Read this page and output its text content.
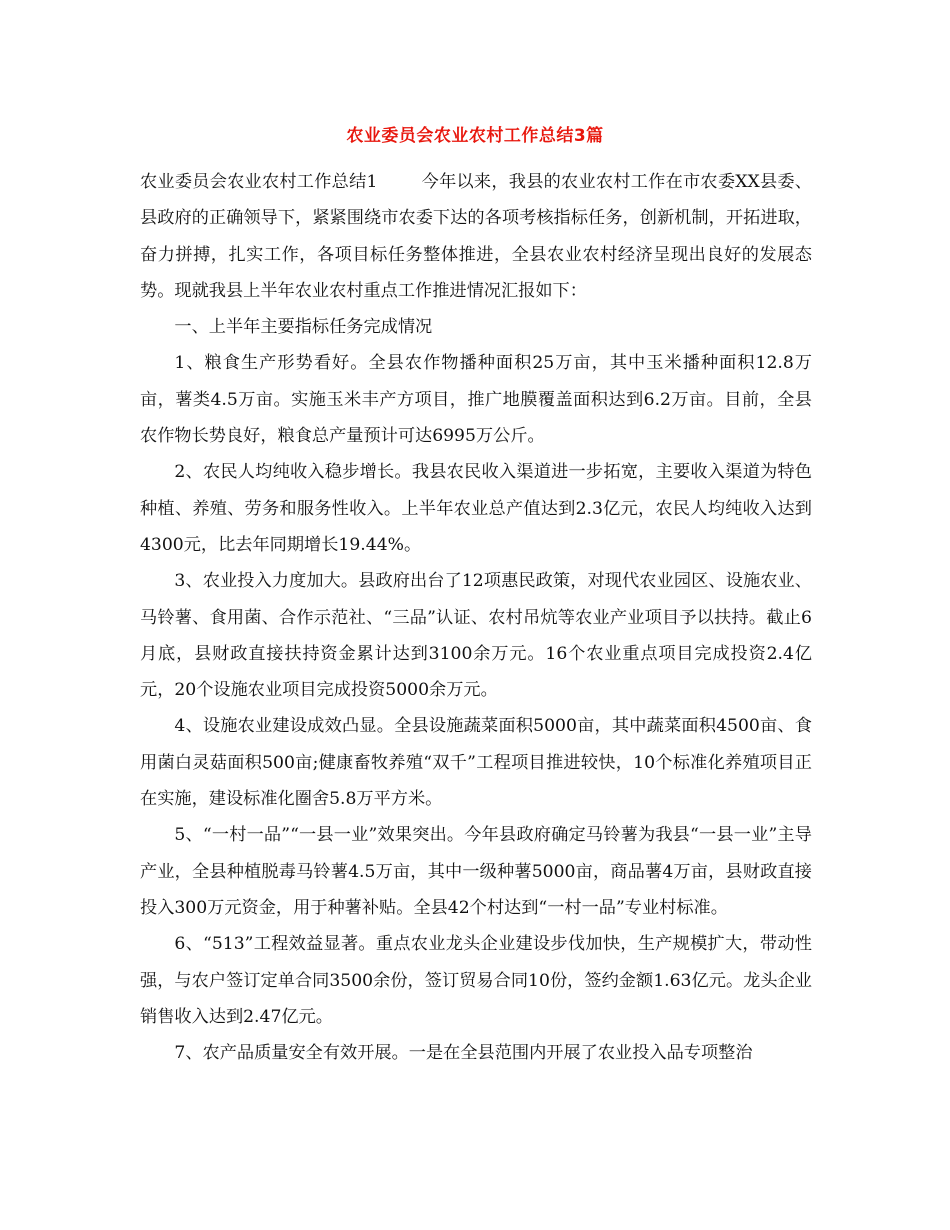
农业委员会农业农村工作总结3篇

农业委员会农业农村工作总结1	今年以来，我县的农业农村工作在市农委XX县委、县政府的正确领导下，紧紧围绕市农委下达的各项考核指标任务，创新机制，开拓进取，奋力拼搏，扎实工作，各项目标任务整体推进，全县农业农村经济呈现出良好的发展态势。现就我县上半年农业农村重点工作推进情况汇报如下：

一、上半年主要指标任务完成情况

1、粮食生产形势看好。全县农作物播种面积25万亩，其中玉米播种面积12.8万亩，薯类4.5万亩。实施玉米丰产方项目，推广地膜覆盖面积达到6.2万亩。目前，全县农作物长势良好，粮食总产量预计可达6995万公斤。

2、农民人均纯收入稳步增长。我县农民收入渠道进一步拓宽，主要收入渠道为特色种植、养殖、劳务和服务性收入。上半年农业总产值达到2.3亿元，农民人均纯收入达到4300元，比去年同期增长19.44%。

3、农业投入力度加大。县政府出台了12项惠民政策，对现代农业园区、设施农业、马铃薯、食用菌、合作示范社、“三品”认证、农村吊炕等农业产业项目予以扶持。截止6月底，县财政直接扶持资金累计达到3100余万元。16个农业重点项目完成投资2.4亿元，20个设施农业项目完成投资5000余万元。

4、设施农业建设成效凸显。全县设施蔬菜面积5000亩，其中蔬菜面积4500亩、食用菌白灵菇面积500亩;健康畜牧养殖“双千”工程项目推进较快，10个标准化养殖项目正在实施，建设标准化圈舍5.8万平方米。

5、“一村一品”“一县一业”效果突出。今年县政府确定马铃薯为我县“一县一业”主导产业，全县种植脱毒马铃薯4.5万亩，其中一级种薯5000亩，商品薯4万亩，县财政直接投入300万元资金，用于种薯补贴。全县42个村达到“一村一品”专业村标准。

6、“513”工程效益显著。重点农业龙头企业建设步伐加快，生产规模扩大，带动性强，与农户签订定单合同3500余份，签订贸易合同10份，签约金额1.63亿元。龙头企业销售收入达到2.47亿元。

7、农产品质量安全有效开展。一是在全县范围内开展了农业投入品专项整治
